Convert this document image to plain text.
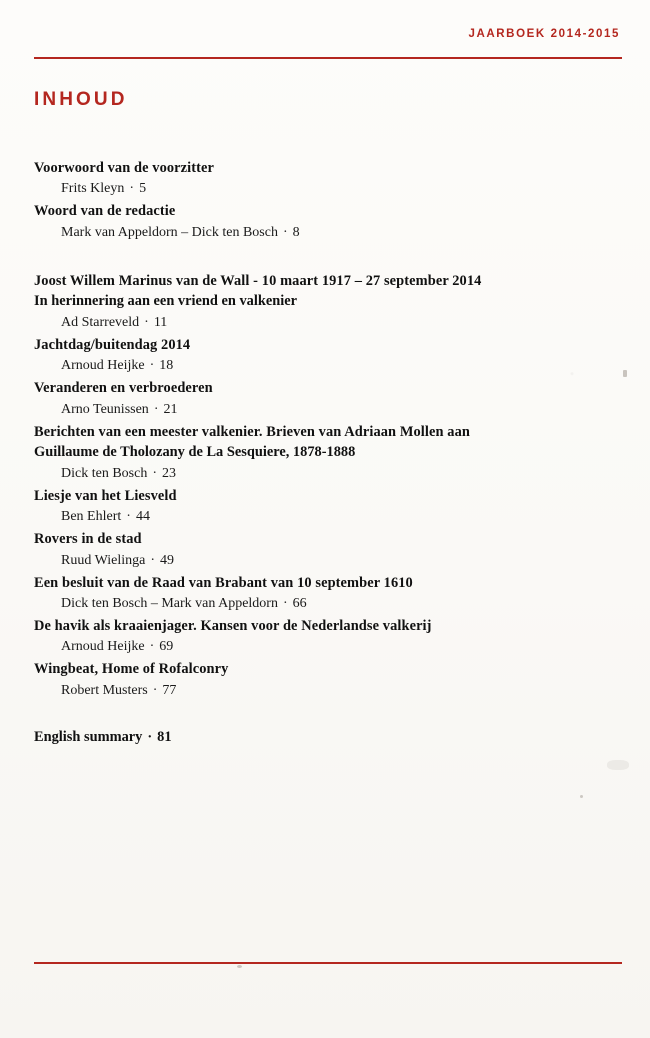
JAARBOEK 2014-2015
INHOUD
Voorwoord van de voorzitter
Frits Kleyn · 5
Woord van de redactie
Mark van Appeldorn – Dick ten Bosch · 8
Joost Willem Marinus van de Wall - 10 maart 1917 – 27 september 2014
In herinnering aan een vriend en valkenier
Ad Starreveld · 11
Jachtdag/buitendag 2014
Arnoud Heijke · 18
Veranderen en verbroederen
Arno Teunissen · 21
Berichten van een meester valkenier. Brieven van Adriaan Mollen aan
Guillaume de Tholozany de La Sesquiere, 1878-1888
Dick ten Bosch · 23
Liesje van het Liesveld
Ben Ehlert · 44
Rovers in de stad
Ruud Wielinga · 49
Een besluit van de Raad van Brabant van 10 september 1610
Dick ten Bosch – Mark van Appeldorn · 66
De havik als kraaienjager. Kansen voor de Nederlandse valkerij
Arnoud Heijke · 69
Wingbeat, Home of Rofalconry
Robert Musters · 77
English summary · 81
